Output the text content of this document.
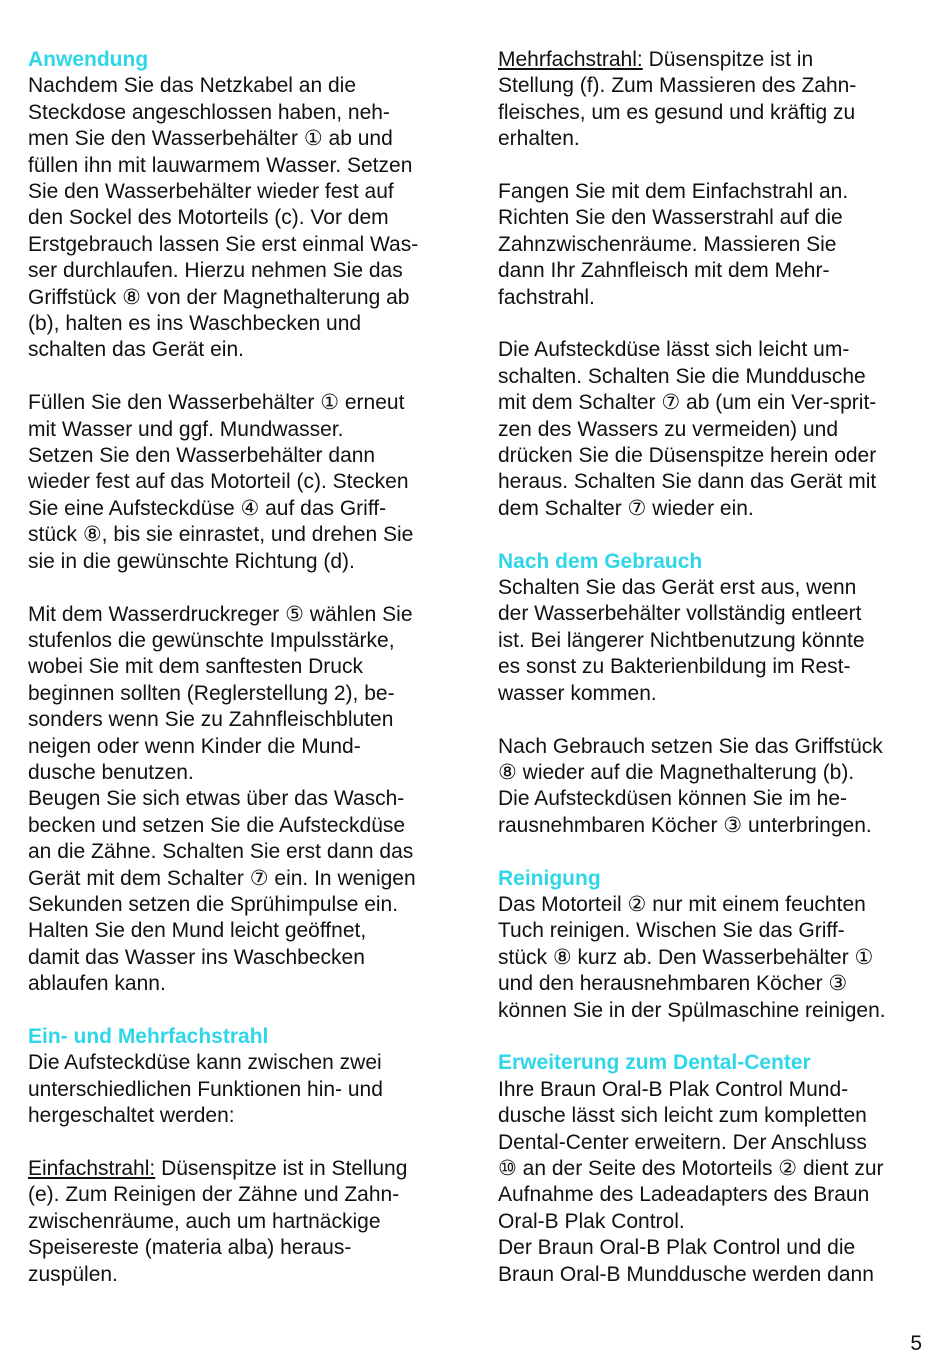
Anwendung
Nachdem Sie das Netzkabel an die
Steckdose angeschlossen haben, neh-
men Sie den Wasserbehälter ① ab und
füllen ihn mit lauwarmem Wasser. Setzen
Sie den Wasserbehälter wieder fest auf
den Sockel des Motorteils (c). Vor dem
Erstgebrauch lassen Sie erst einmal Was-
ser durchlaufen. Hierzu nehmen Sie das
Griffstück ⑧ von der Magnethalterung ab
(b), halten es ins Waschbecken und
schalten das Gerät ein.
Füllen Sie den Wasserbehälter ① erneut
mit Wasser und ggf. Mundwasser.
Setzen Sie den Wasserbehälter dann
wieder fest auf das Motorteil (c). Stecken
Sie eine Aufsteckdüse ④ auf das Griff-
stück ⑧, bis sie einrastet, und drehen Sie
sie in die gewünschte Richtung (d).
Mit dem Wasserdruckreger ⑤ wählen Sie
stufenlos die gewünschte Impulsstärke,
wobei Sie mit dem sanftesten Druck
beginnen sollten (Reglerstellung 2), be-
sonders wenn Sie zu Zahnfleischbluten
neigen oder wenn Kinder die Mund-
dusche benutzen.
Beugen Sie sich etwas über das Wasch-
becken und setzen Sie die Aufsteckdüse
an die Zähne. Schalten Sie erst dann das
Gerät mit dem Schalter ⑦ ein. In wenigen
Sekunden setzen die Sprühimpulse ein.
Halten Sie den Mund leicht geöffnet,
damit das Wasser ins Waschbecken
ablaufen kann.
Ein- und Mehrfachstrahl
Die Aufsteckdüse kann zwischen zwei
unterschiedlichen Funktionen hin- und
hergeschaltet werden:
Einfachstrahl: Düsenspitze ist in Stellung
(e). Zum Reinigen der Zähne und Zahn-
zwischenräume, auch um hartnäckige
Speisereste (materia alba) heraus-
zuspülen.
Mehrfachstrahl: Düsenspitze ist in
Stellung (f). Zum Massieren des Zahn-
fleisches, um es gesund und kräftig zu
erhalten.
Fangen Sie mit dem Einfachstrahl an.
Richten Sie den Wasserstrahl auf die
Zahnzwischenräume. Massieren Sie
dann Ihr Zahnfleisch mit dem Mehr-
fachstrahl.
Die Aufsteckdüse lässt sich leicht um-
schalten. Schalten Sie die Munddusche
mit dem Schalter ⑦ ab (um ein Ver-sprit-
zen des Wassers zu vermeiden) und
drücken Sie die Düsenspitze herein oder
heraus. Schalten Sie dann das Gerät mit
dem Schalter ⑦ wieder ein.
Nach dem Gebrauch
Schalten Sie das Gerät erst aus, wenn
der Wasserbehälter vollständig entleert
ist. Bei längerer Nichtbenutzung könnte
es sonst zu Bakterienbildung im Rest-
wasser kommen.
Nach Gebrauch setzen Sie das Griffstück
⑧ wieder auf die Magnethalterung (b).
Die Aufsteckdüsen können Sie im he-
rausnehmbaren Köcher ③ unterbringen.
Reinigung
Das Motorteil ② nur mit einem feuchten
Tuch reinigen. Wischen Sie das Griff-
stück ⑧ kurz ab. Den Wasserbehälter ①
und den herausnehmbaren Köcher ③
können Sie in der Spülmaschine reinigen.
Erweiterung zum Dental-Center
Ihre Braun Oral-B Plak Control Mund-
dusche lässt sich leicht zum kompletten
Dental-Center erweitern. Der Anschluss
⑩ an der Seite des Motorteils ② dient zur
Aufnahme des Ladeadapters des Braun
Oral-B Plak Control.
Der Braun Oral-B Plak Control und die
Braun Oral-B Munddusche werden dann
5
